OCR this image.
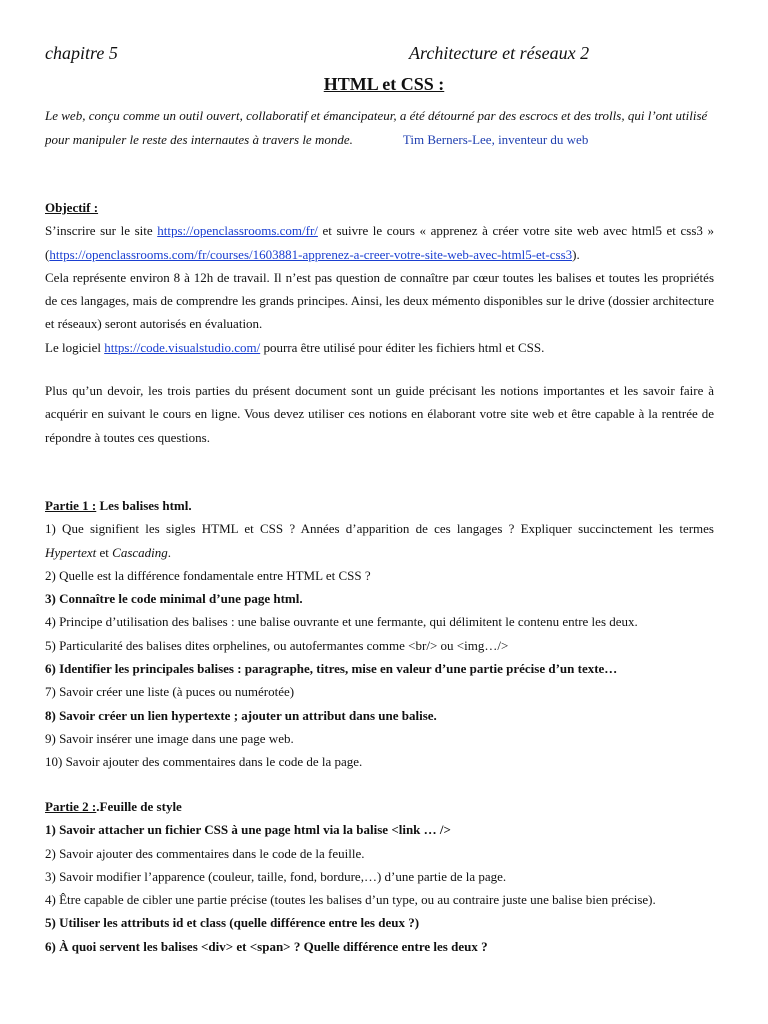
chapitre 5	Architecture et réseaux 2
HTML et CSS :
Le web, conçu comme un outil ouvert, collaboratif et émancipateur, a été détourné par des escrocs et des trolls, qui l’ont utilisé pour manipuler le reste des internautes à travers le monde.	Tim Berners-Lee, inventeur du web
Objectif :
S’inscrire sur le site https://openclassrooms.com/fr/ et suivre le cours « apprenez à créer votre site web avec html5 et css3 » (https://openclassrooms.com/fr/courses/1603881-apprenez-a-creer-votre-site-web-avec-html5-et-css3).
Cela représente environ 8 à 12h de travail. Il n’est pas question de connaître par cœur toutes les balises et toutes les propriétés de ces langages, mais de comprendre les grands principes. Ainsi, les deux mémento disponibles sur le drive (dossier architecture et réseaux) seront autorisés en évaluation.
Le logiciel https://code.visualstudio.com/ pourra être utilisé pour éditer les fichiers html et CSS.
Plus qu’un devoir, les trois parties du présent document sont un guide précisant les notions importantes et les savoir faire à acquérir en suivant le cours en ligne. Vous devez utiliser ces notions en élaborant votre site web et être capable à la rentrée de répondre à toutes ces questions.
Partie 1 : Les balises html.
1) Que signifient les sigles HTML et CSS ? Années d’apparition de ces langages ? Expliquer succinctement les termes Hypertext et Cascading.
2) Quelle est la différence fondamentale entre HTML et CSS ?
3) Connaître le code minimal d’une page html.
4) Principe d’utilisation des balises : une balise ouvrante et une fermante, qui délimitent le contenu entre les deux.
5) Particularité des balises dites orphelines, ou autofermantes comme <br/> ou <img…/>
6) Identifier les principales balises : paragraphe, titres, mise en valeur d’une partie précise d’un texte…
7) Savoir créer une liste (à puces ou numérotée)
8) Savoir créer un lien hypertexte ; ajouter un attribut dans une balise.
9) Savoir insérer une image dans une page web.
10) Savoir ajouter des commentaires dans le code de la page.
Partie 2 :.Feuille de style
1) Savoir attacher un fichier CSS à une page html via la balise <link … />
2) Savoir ajouter des commentaires dans le code de la feuille.
3) Savoir modifier l’apparence (couleur, taille, fond, bordure,…) d’une partie de la page.
4) Être capable de cibler une partie précise (toutes les balises d’un type, ou au contraire juste une balise bien précise).
5) Utiliser les attributs id et class (quelle différence entre les deux ?)
6) À quoi servent les balises <div> et <span> ? Quelle différence entre les deux ?
